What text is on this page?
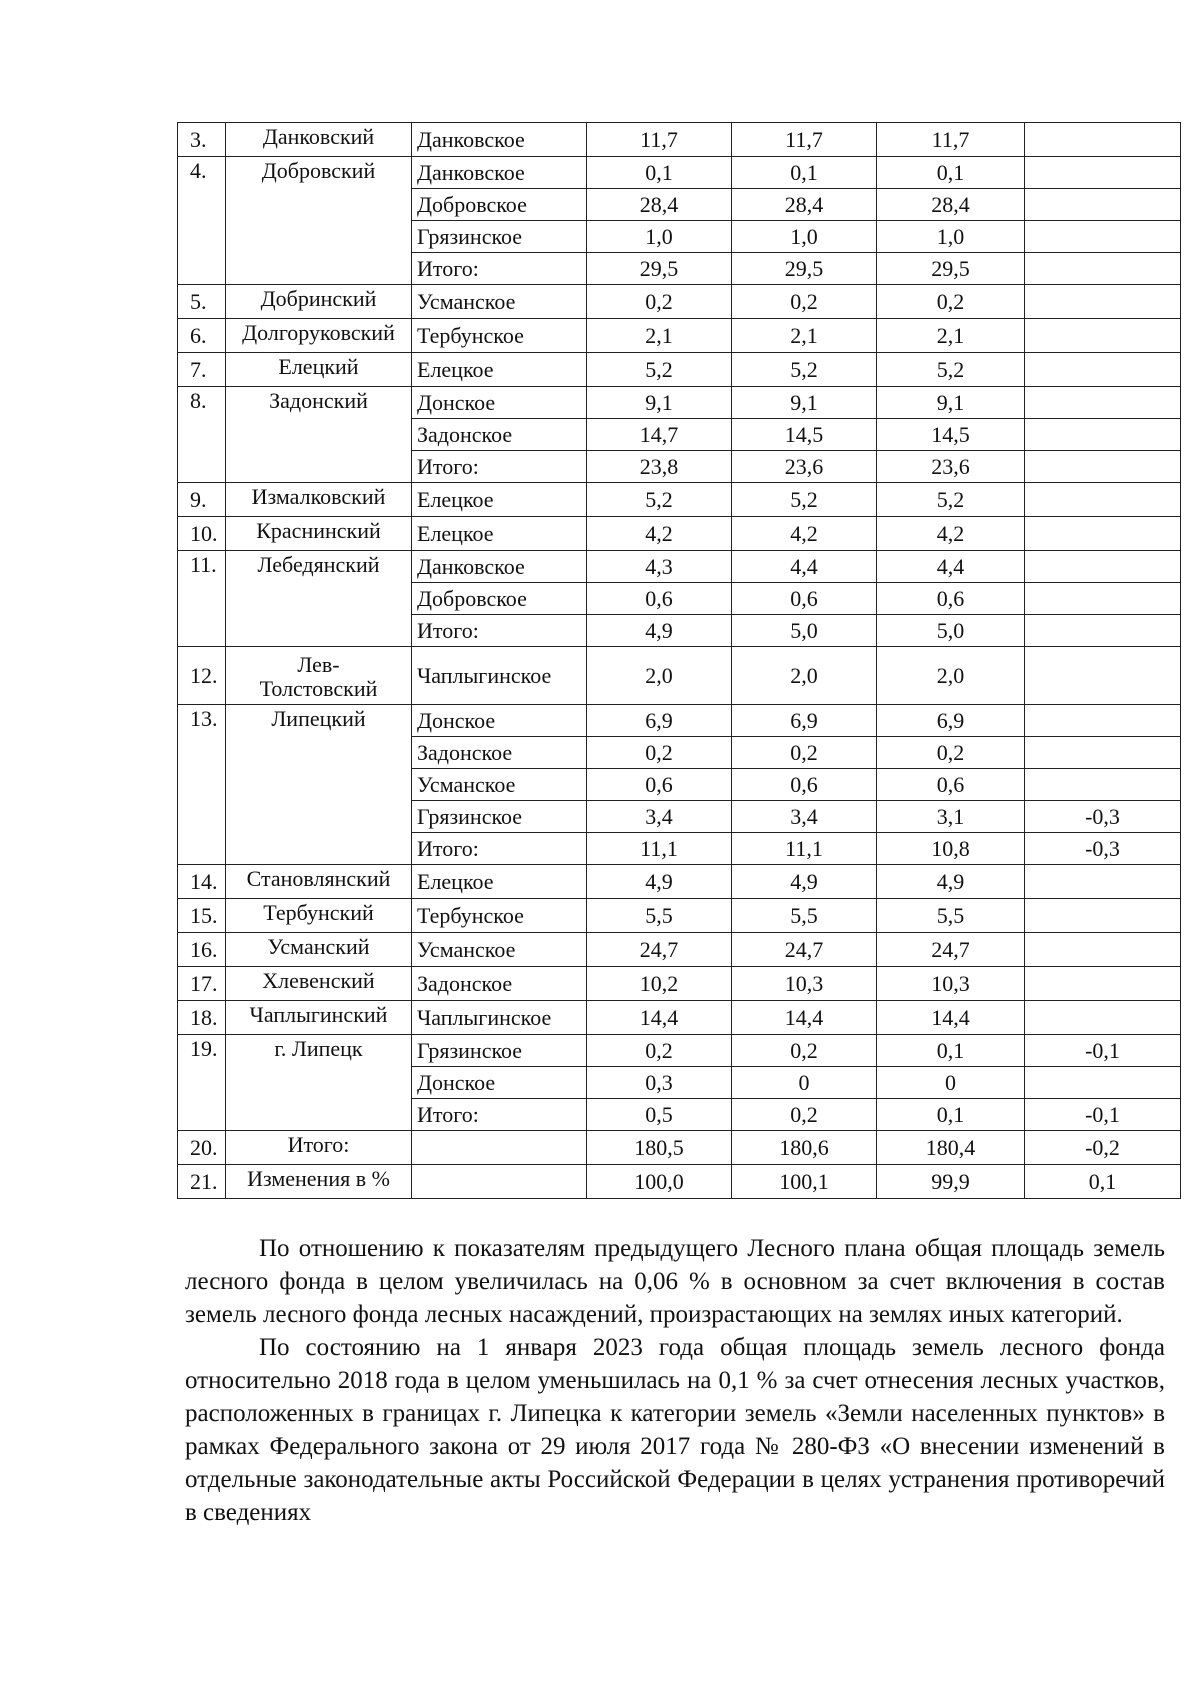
3.	Данковский	Данковское	11,7	11,7	11,7	
4.	Добровский	Данковское	0,1	0,1	0,1	
		Добровское	28,4	28,4	28,4	
		Грязинское	1,0	1,0	1,0	
		Итого:	29,5	29,5	29,5	
5.	Добринский	Усманское	0,2	0,2	0,2	
6.	Долгоруковский	Тербунское	2,1	2,1	2,1	
7.	Елецкий	Елецкое	5,2	5,2	5,2	
8.	Задонский	Донское	9,1	9,1	9,1	
		Задонское	14,7	14,5	14,5	
		Итого:	23,8	23,6	23,6	
9.	Измалковский	Елецкое	5,2	5,2	5,2	
10.	Краснинский	Елецкое	4,2	4,2	4,2	
11.	Лебедянский	Данковское	4,3	4,4	4,4	
		Добровское	0,6	0,6	0,6	
		Итого:	4,9	5,0	5,0	
12.	Лев-
Толстовский	Чаплыгинское	2,0	2,0	2,0	
13.	Липецкий	Донское	6,9	6,9	6,9	
		Задонское	0,2	0,2	0,2	
		Усманское	0,6	0,6	0,6	
		Грязинское	3,4	3,4	3,1	-0,3
		Итого:	11,1	11,1	10,8	-0,3
14.	Становлянский	Елецкое	4,9	4,9	4,9	
15.	Тербунский	Тербунское	5,5	5,5	5,5	
16.	Усманский	Усманское	24,7	24,7	24,7	
17.	Хлевенский	Задонское	10,2	10,3	10,3	
18.	Чаплыгинский	Чаплыгинское	14,4	14,4	14,4	
19.	г. Липецк	Грязинское	0,2	0,2	0,1	-0,1
		Донское	0,3	0	0	
		Итого:	0,5	0,2	0,1	-0,1
20.	Итого:		180,5	180,6	180,4	-0,2
21.	Изменения в %		100,0	100,1	99,9	0,1

По отношению к показателям предыдущего Лесного плана общая площадь земель лесного фонда в целом увеличилась на 0,06 % в основном за счет включения в состав земель лесного фонда лесных насаждений, произрастающих на землях иных категорий.

По состоянию на 1 января 2023 года общая площадь земель лесного фонда относительно 2018 года в целом уменьшилась на 0,1 % за счет отнесения лесных участков, расположенных в границах г. Липецка к категории земель «Земли населенных пунктов» в рамках Федерального закона от 29 июля 2017 года № 280-ФЗ «О внесении изменений в отдельные законодательные акты Российской Федерации в целях устранения противоречий в сведениях
